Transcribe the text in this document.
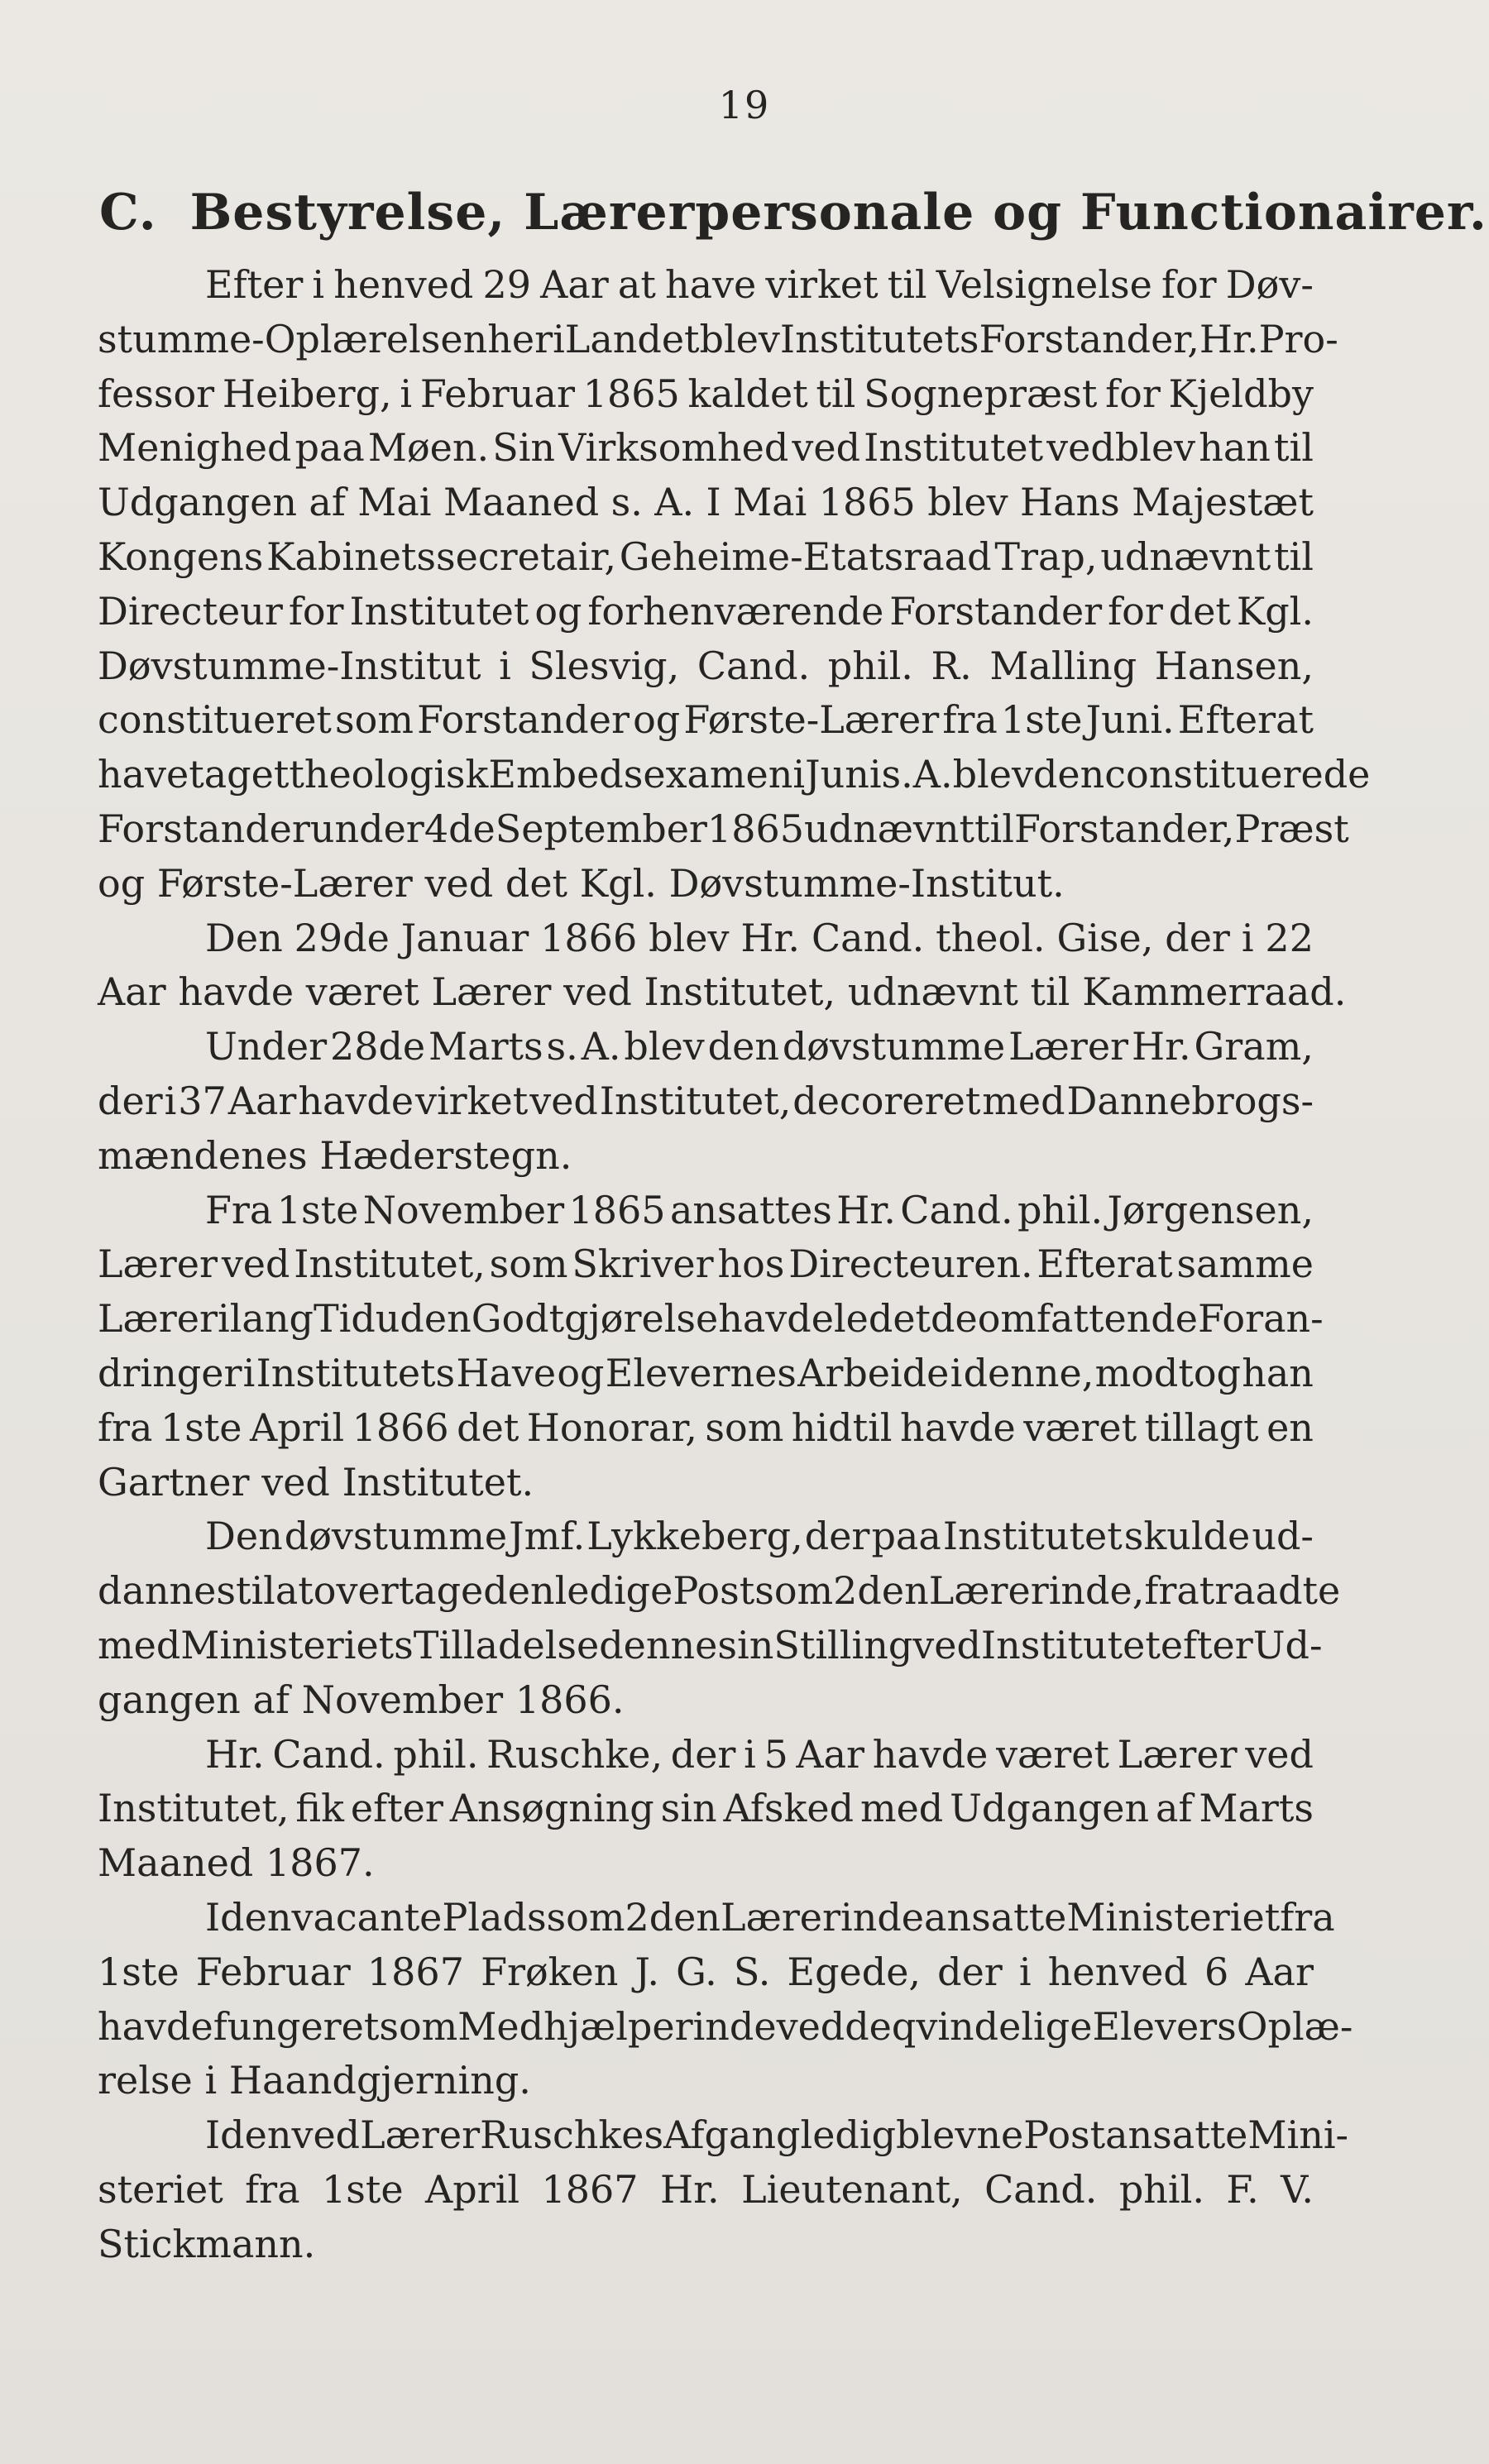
19
C. Bestyrelse, Lærerpersonale og Functionairer.
Efter i henved 29 Aar at have virket til Velsignelse for Døv-
stumme-Oplærelsen her i Landet blev Institutets Forstander, Hr. Pro-
fessor Heiberg, i Februar 1865 kaldet til Sognepræst for Kjeldby
Menighed paa Møen. Sin Virksomhed ved Institutet vedblev han til
Udgangen af Mai Maaned s. A. I Mai 1865 blev Hans Majestæt
Kongens Kabinetssecretair, Geheime-Etatsraad Trap, udnævnt til
Directeur for Institutet og forhenværende Forstander for det Kgl.
Døvstumme-Institut i Slesvig, Cand. phil. R. Malling Hansen,
constitueret som Forstander og Første-Lærer fra 1ste Juni. Efterat
have taget theologisk Embedsexamen i Juni s. A. blev den constituerede
Forstander under 4de September 1865 udnævnt til Forstander, Præst
og Første-Lærer ved det Kgl. Døvstumme-Institut.
Den 29de Januar 1866 blev Hr. Cand. theol. Gise, der i 22
Aar havde været Lærer ved Institutet, udnævnt til Kammerraad.
Under 28de Marts s. A. blev den døvstumme Lærer Hr. Gram,
der i 37 Aar havde virket ved Institutet, decoreret med Dannebrogs-
mændenes Hæderstegn.
Fra 1ste November 1865 ansattes Hr. Cand. phil. Jørgensen,
Lærer ved Institutet, som Skriver hos Directeuren. Efterat samme
Lærer i lang Tid uden Godtgjørelse havde ledet de omfattende Foran-
dringer i Institutets Have og Elevernes Arbeide i denne, modtog han
fra 1ste April 1866 det Honorar, som hidtil havde været tillagt en
Gartner ved Institutet.
Den døvstumme Jmf. Lykkeberg, der paa Institutet skulde ud-
dannes til at overtage den ledige Post som 2den Lærerinde, fratraadte
med Ministeriets Tilladelse denne sin Stilling ved Institutet efter Ud-
gangen af November 1866.
Hr. Cand. phil. Ruschke, der i 5 Aar havde været Lærer ved
Institutet, fik efter Ansøgning sin Afsked med Udgangen af Marts
Maaned 1867.
I den vacante Plads som 2den Lærerinde ansatte Ministeriet fra
1ste Februar 1867 Frøken J. G. S. Egede, der i henved 6 Aar
havde fungeret som Medhjælperinde ved de qvindelige Elevers Oplæ-
relse i Haandgjerning.
I den ved Lærer Ruschkes Afgang ledigblevne Post ansatte Mini-
steriet fra 1ste April 1867 Hr. Lieutenant, Cand. phil. F. V.
Stickmann.
